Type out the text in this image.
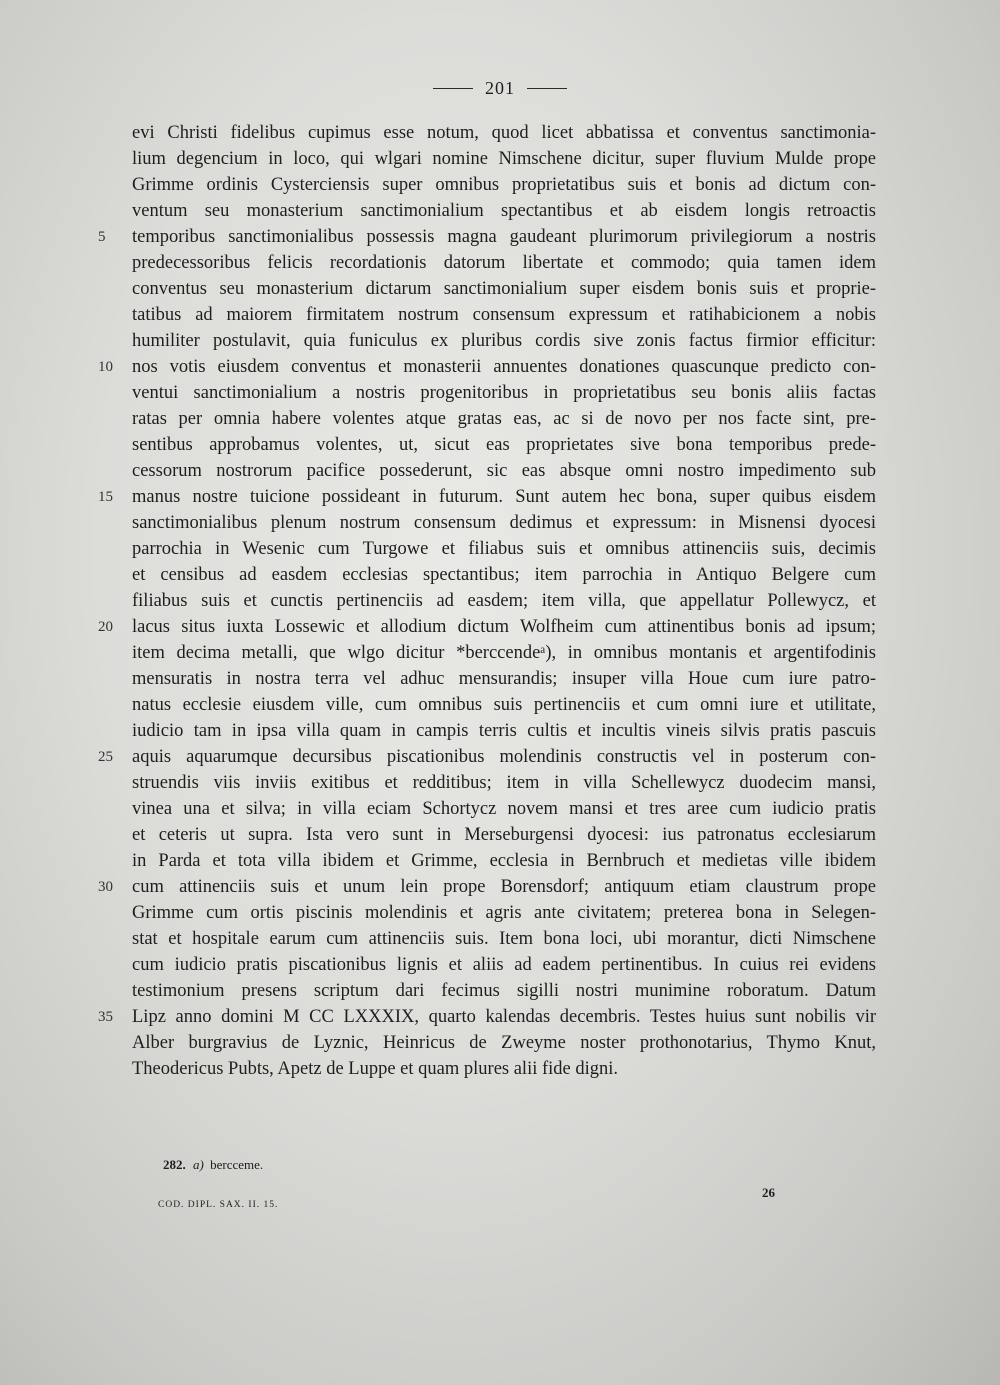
201
evi Christi fidelibus cupimus esse notum, quod licet abbatissa et conventus sanctimonia-
lium degencium in loco, qui wlgari nomine Nimschene dicitur, super fluvium Mulde prope
Grimme ordinis Cysterciensis super omnibus proprietatibus suis et bonis ad dictum con-
ventum seu monasterium sanctimonialium spectantibus et ab eisdem longis retroactis
5	temporibus sanctimonialibus possessis magna gaudeant plurimorum privilegiorum a nostris
predecessoribus felicis recordationis datorum libertate et commodo; quia tamen idem
conventus seu monasterium dictarum sanctimonialium super eisdem bonis suis et proprie-
tatibus ad maiorem firmitatem nostrum consensum expressum et ratihabicionem a nobis
humiliter postulavit, quia funiculus ex pluribus cordis sive zonis factus firmior efficitur:
10	nos votis eiusdem conventus et monasterii annuentes donationes quascunque predicto con-
ventui sanctimonialium a nostris progenitoribus in proprietatibus seu bonis aliis factas
ratas per omnia habere volentes atque gratas eas, ac si de novo per nos facte sint, pre-
sentibus approbamus volentes, ut, sicut eas proprietates sive bona temporibus prede-
cessorum nostrorum pacifice possederunt, sic eas absque omni nostro impedimento sub
15	manus nostre tuicione possideant in futurum. Sunt autem hec bona, super quibus eisdem
sanctimonialibus plenum nostrum consensum dedimus et expressum: in Misnensi dyocesi
parrochia in Wesenic cum Turgowe et filiabus suis et omnibus attinenciis suis, decimis
et censibus ad easdem ecclesias spectantibus; item parrochia in Antiquo Belgere cum
filiabus suis et cunctis pertinenciis ad easdem; item villa, que appellatur Pollewycz, et
20	lacus situs iuxta Lossewic et allodium dictum Wolfheim cum attinentibus bonis ad ipsum;
item decima metalli, que wlgo dicitur *berccendeᵃ), in omnibus montanis et argentifodinis
mensuratis in nostra terra vel adhuc mensurandis; insuper villa Houe cum iure patro-
natus ecclesie eiusdem ville, cum omnibus suis pertinenciis et cum omni iure et utilitate,
iudicio tam in ipsa villa quam in campis terris cultis et incultis vineis silvis pratis pascuis
25	aquis aquarumque decursibus piscationibus molendinis constructis vel in posterum con-
struendis viis inviis exitibus et redditibus; item in villa Schellewycz duodecim mansi,
vinea una et silva; in villa eciam Schortycz novem mansi et tres aree cum iudicio pratis
et ceteris ut supra. Ista vero sunt in Merseburgensi dyocesi: ius patronatus ecclesiarum
in Parda et tota villa ibidem et Grimme, ecclesia in Bernbruch et medietas ville ibidem
30	cum attinenciis suis et unum lein prope Borensdorf; antiquum etiam claustrum prope
Grimme cum ortis piscinis molendinis et agris ante civitatem; preterea bona in Selegen-
stat et hospitale earum cum attinenciis suis. Item bona loci, ubi morantur, dicti Nimschene
cum iudicio pratis piscationibus lignis et aliis ad eadem pertinentibus. In cuius rei evidens
testimonium presens scriptum dari fecimus sigilli nostri munimine roboratum. Datum
35	Lipz anno domini M CC LXXXIX, quarto kalendas decembris. Testes huius sunt nobilis vir
Alber burgravius de Lyznic, Heinricus de Zweyme noster prothonotarius, Thymo Knut,
Theodericus Pubts, Apetz de Luppe et quam plures alii fide digni.
282. a) bercceme.
COD. DIPL. SAX. II. 15.
26
